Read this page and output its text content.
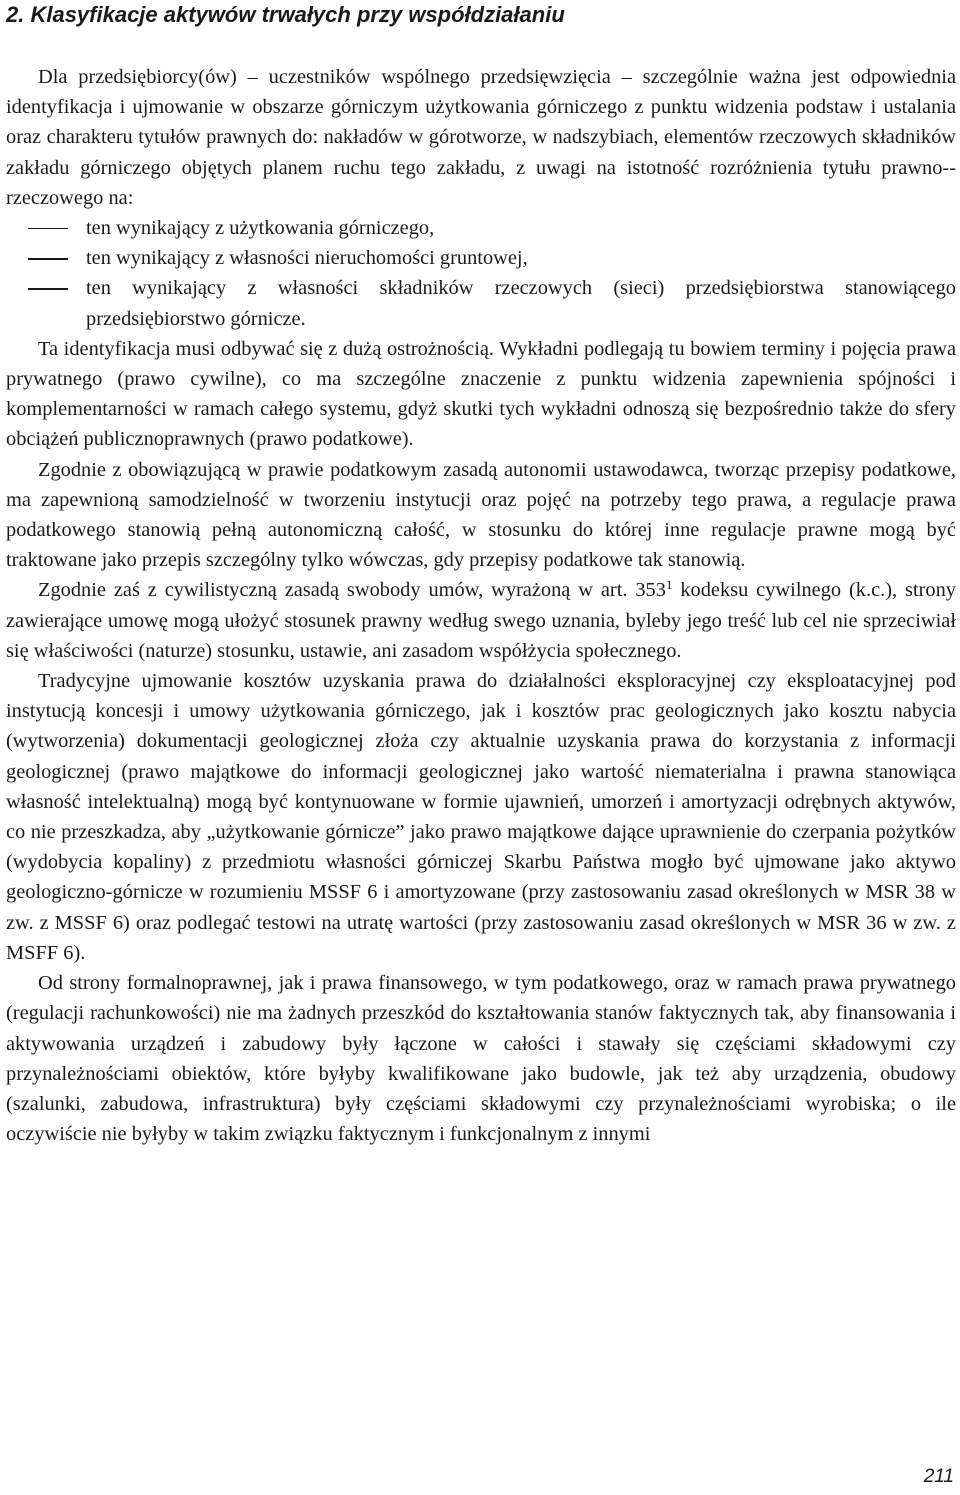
2. Klasyfikacje aktywów trwałych przy współdziałaniu

Dla przedsiębiorcy(ów) – uczestników wspólnego przedsięwzięcia – szczególnie ważna jest odpowiednia identyfikacja i ujmowanie w obszarze górniczym użytkowania górniczego z punktu widzenia podstaw i ustalania oraz charakteru tytułów prawnych do: nakładów w górotworze, w nadszybiach, elementów rzeczowych składników zakładu górniczego objętych planem ruchu tego zakładu, z uwagi na istotność rozróżnienia tytułu prawno-rzeczowego na:

ten wynikający z użytkowania górniczego,
ten wynikający z własności nieruchomości gruntowej,
ten wynikający z własności składników rzeczowych (sieci) przedsiębiorstwa stanowiącego przedsiębiorstwo górnicze.

Ta identyfikacja musi odbywać się z dużą ostrożnością. Wykładni podlegają tu bowiem terminy i pojęcia prawa prywatnego (prawo cywilne), co ma szczególne znaczenie z punktu widzenia zapewnienia spójności i komplementarności w ramach całego systemu, gdyż skutki tych wykładni odnoszą się bezpośrednio także do sfery obciążeń publicznoprawnych (prawo podatkowe).

Zgodnie z obowiązującą w prawie podatkowym zasadą autonomii ustawodawca, tworząc przepisy podatkowe, ma zapewnioną samodzielność w tworzeniu instytucji oraz pojęć na potrzeby tego prawa, a regulacje prawa podatkowego stanowią pełną autonomiczną całość, w stosunku do której inne regulacje prawne mogą być traktowane jako przepis szczególny tylko wówczas, gdy przepisy podatkowe tak stanowią.

Zgodnie zaś z cywilistyczną zasadą swobody umów, wyrażoną w art. $353^1$ kodeksu cywilnego (k.c.), strony zawierające umowę mogą ułożyć stosunek prawny według swego uznania, byleby jego treść lub cel nie sprzeciwiał się właściwości (naturze) stosunku, ustawie, ani zasadom współżycia społecznego.

Tradycyjne ujmowanie kosztów uzyskania prawa do działalności eksploracyjnej czy eksploatacyjnej pod instytucją koncesji i umowy użytkowania górniczego, jak i kosztów prac geologicznych jako kosztu nabycia (wytworzenia) dokumentacji geologicznej złoża czy aktualnie uzyskania prawa do korzystania z informacji geologicznej (prawo majątkowe do informacji geologicznej jako wartość niematerialna i prawna stanowiąca własność intelektualną) mogą być kontynuowane w formie ujawnień, umorzeń i amortyzacji odrębnych aktywów, co nie przeszkadza, aby „użytkowanie górnicze” jako prawo majątkowe dające uprawnienie do czerpania pożytków (wydobycia kopaliny) z przedmiotu własności górniczej Skarbu Państwa mogło być ujmowane jako aktywo geologiczno-górnicze w rozumieniu MSSF 6 i amortyzowane (przy zastosowaniu zasad określonych w MSR 38 w zw. z MSSF 6) oraz podlegać testowi na utratę wartości (przy zastosowaniu zasad określonych w MSR 36 w zw. z MSFF 6).

Od strony formalnoprawnej, jak i prawa finansowego, w tym podatkowego, oraz w ramach prawa prywatnego (regulacji rachunkowości) nie ma żadnych przeszkód do kształtowania stanów faktycznych tak, aby finansowania i aktywowania urządzeń i zabudowy były łączone w całości i stawały się częściami składowymi czy przynależnościami obiektów, które byłyby kwalifikowane jako budowle, jak też aby urządzenia, obudowy (szalunki, zabudowa, infrastruktura) były częściami składowymi czy przynależnościami wyrobiska; o ile oczywiście nie byłyby w takim związku faktycznym i funkcjonalnym z innymi

211
